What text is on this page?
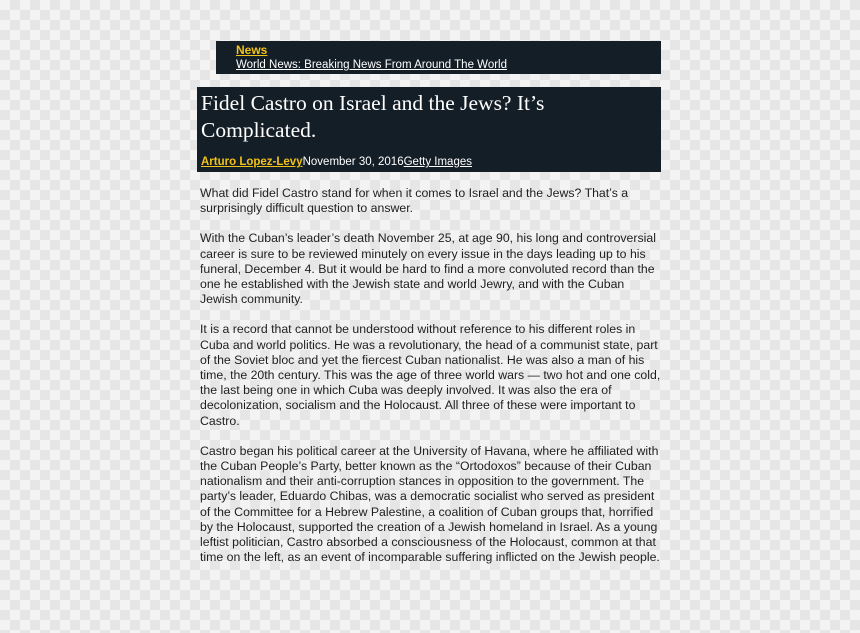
News
World News: Breaking News From Around The World
Fidel Castro on Israel and the Jews? It’s Complicated.
Arturo Lopez-LevyNovember 30, 2016Getty Images

What did Fidel Castro stand for when it comes to Israel and the Jews? That’s a surprisingly difficult question to answer.

With the Cuban’s leader’s death November 25, at age 90, his long and controversial career is sure to be reviewed minutely on every issue in the days leading up to his funeral, December 4. But it would be hard to find a more convoluted record than the one he established with the Jewish state and world Jewry, and with the Cuban Jewish community.

It is a record that cannot be understood without reference to his different roles in Cuba and world politics. He was a revolutionary, the head of a communist state, part of the Soviet bloc and yet the fiercest Cuban nationalist. He was also a man of his time, the 20th century. This was the age of three world wars — two hot and one cold, the last being one in which Cuba was deeply involved. It was also the era of decolonization, socialism and the Holocaust. All three of these were important to Castro.

Castro began his political career at the University of Havana, where he affiliated with the Cuban People’s Party, better known as the “Ortodoxos” because of their Cuban nationalism and their anti-corruption stances in opposition to the government. The party’s leader, Eduardo Chibas, was a democratic socialist who served as president of the Committee for a Hebrew Palestine, a coalition of Cuban groups that, horrified by the Holocaust, supported the creation of a Jewish homeland in Israel. As a young leftist politician, Castro absorbed a consciousness of the Holocaust, common at that time on the left, as an event of incomparable suffering inflicted on the Jewish people.
